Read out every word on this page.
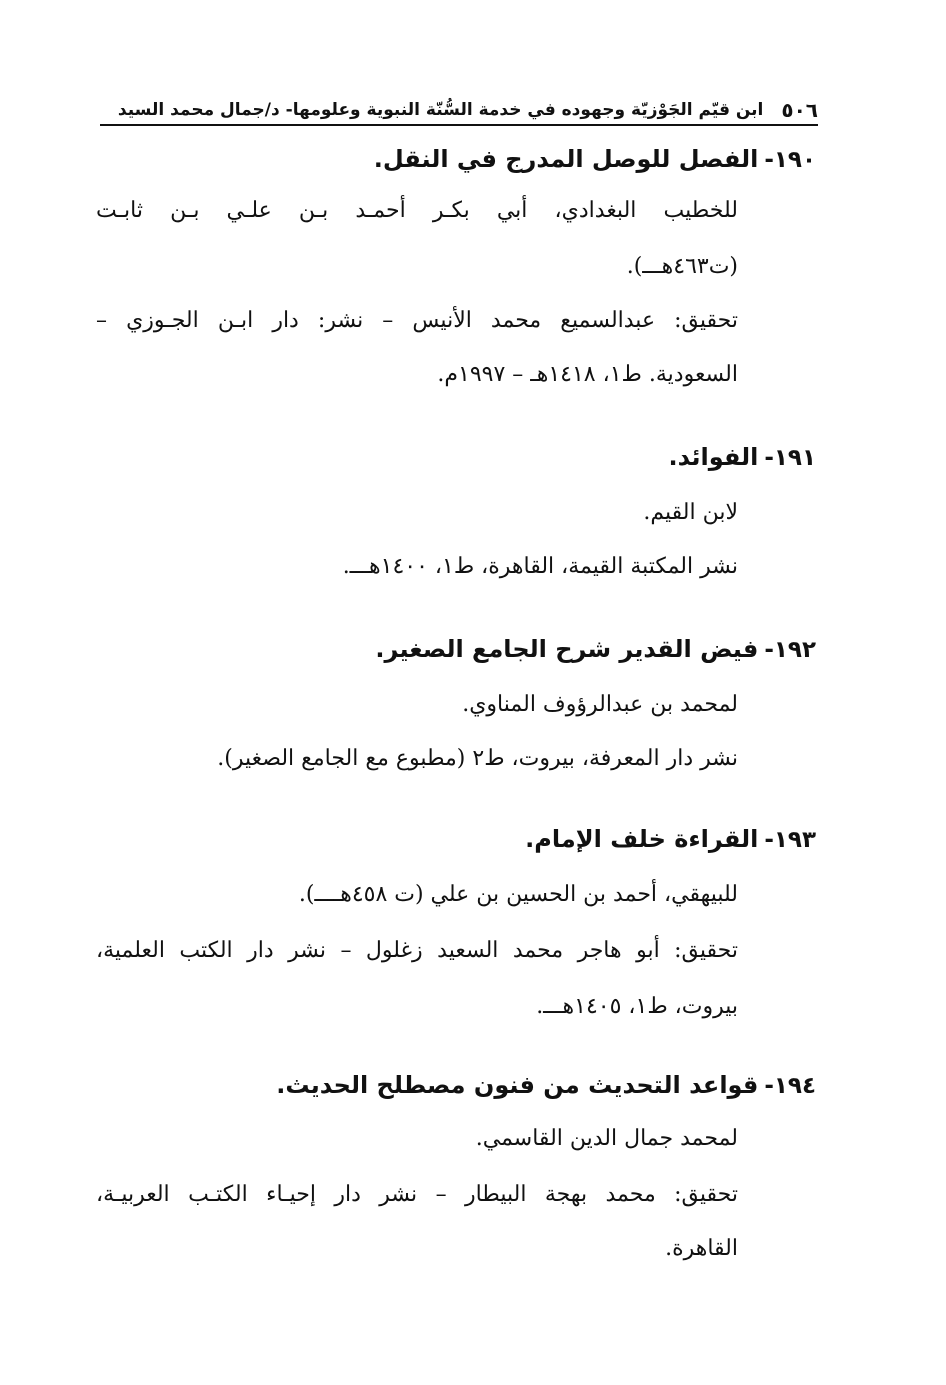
٥٠٦
ابن قيّم الجَوْزيّة وجهوده في خدمة السُّنّة النبوية وعلومها- د/جمال محمد السيد
١٩٠-الفصل للوصل المدرج في النقل.
للخطيب البغدادي، أبي بكـر أحمـد بـن علـي بـن ثابـت
(ت٤٦٣هـــ).
تحقيق: عبدالسميع محمد الأنيس – نشر: دار ابـن الجـوزي –
السعودية. ط١، ١٤١٨هـ – ١٩٩٧م.
١٩١-الفوائد.
لابن القيم.
نشر المكتبة القيمة، القاهرة، ط١، ١٤٠٠هـــ.
١٩٢-فيض القدير شرح الجامع الصغير.
لمحمد بن عبدالرؤوف المناوي.
نشر دار المعرفة، بيروت، ط٢ (مطبوع مع الجامع الصغير).
١٩٣-القراءة خلف الإمام.
للبيهقي، أحمد بن الحسين بن علي (ت ٤٥٨هــــ).
تحقيق: أبو هاجر محمد السعيد زغلول – نشر دار الكتب العلمية،
بيروت، ط١، ١٤٠٥هـــ.
١٩٤-قواعد التحديث من فنون مصطلح الحديث.
لمحمد جمال الدين القاسمي.
تحقيق: محمد بهجة البيطار – نشر دار إحيـاء الكتـب العربيـة،
القاهرة.
